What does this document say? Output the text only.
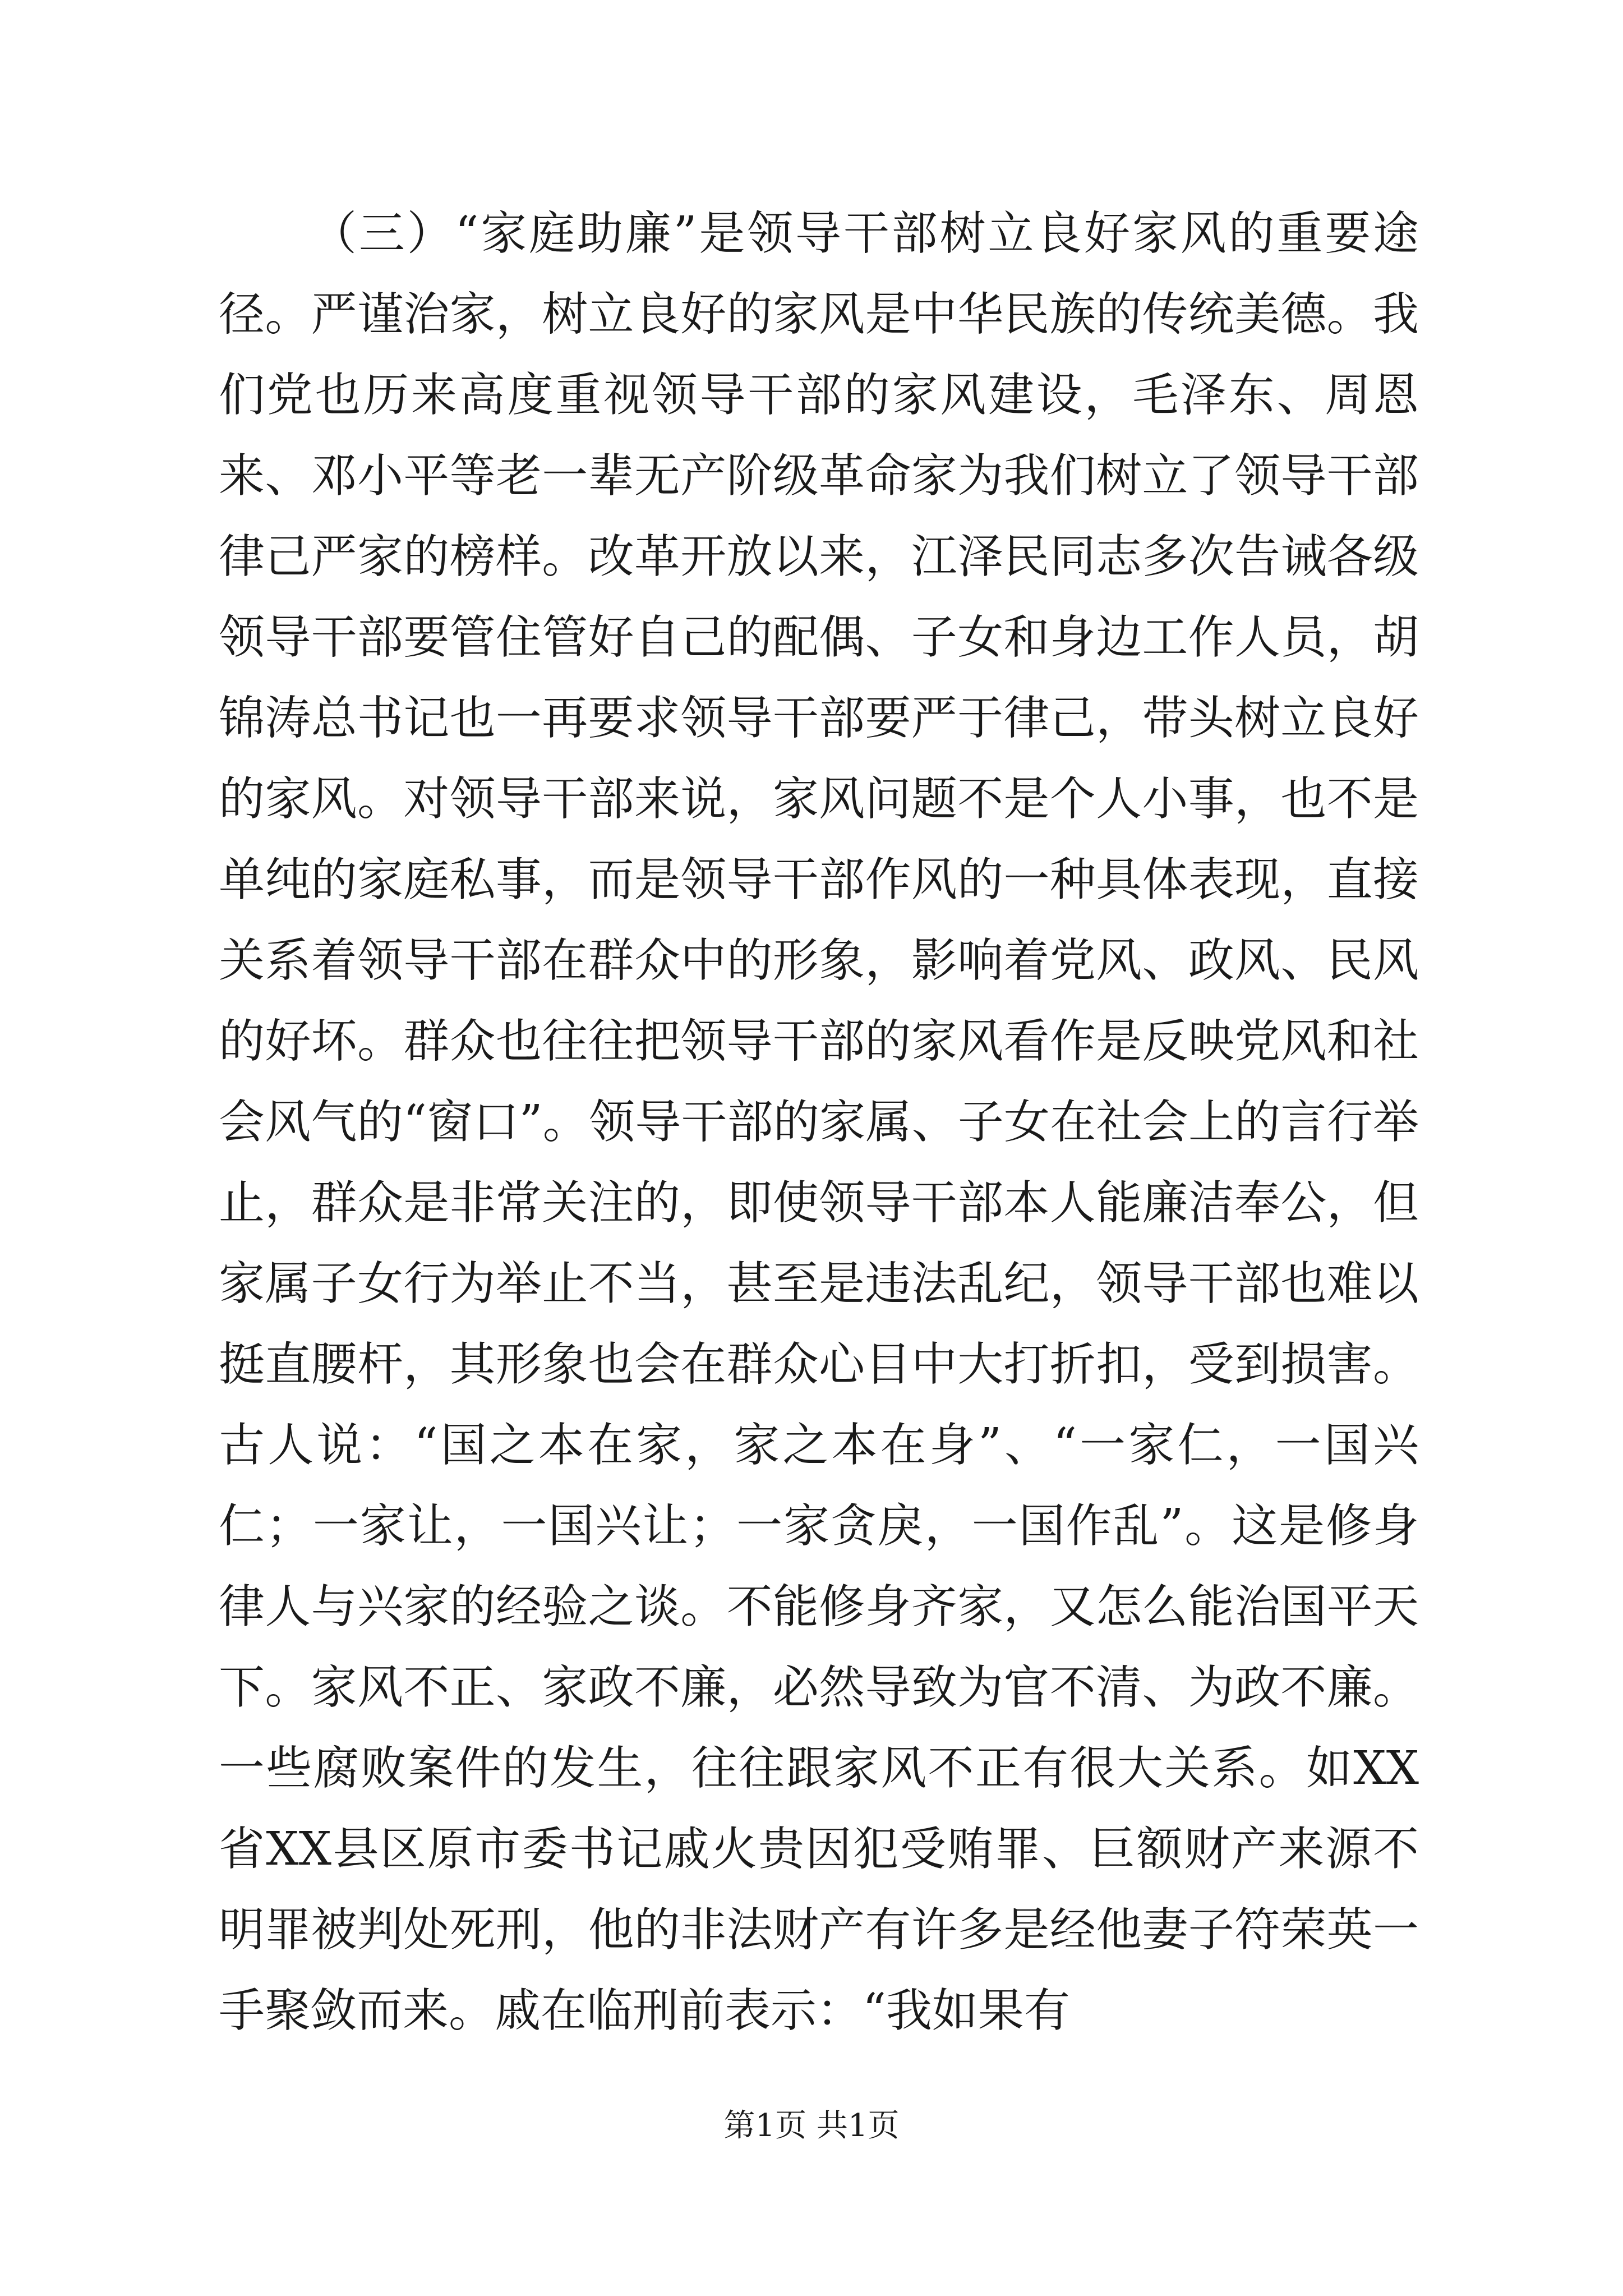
（三）“家庭助廉”是领导干部树立良好家风的重要途径。严谨治家，树立良好的家风是中华民族的传统美德。我们党也历来高度重视领导干部的家风建设，毛泽东、周恩来、邓小平等老一辈无产阶级革命家为我们树立了领导干部律己严家的榜样。改革开放以来，江泽民同志多次告诫各级领导干部要管住管好自己的配偶、子女和身边工作人员，胡锦涛总书记也一再要求领导干部要严于律己，带头树立良好的家风。对领导干部来说，家风问题不是个人小事，也不是单纯的家庭私事，而是领导干部作风的一种具体表现，直接关系着领导干部在群众中的形象，影响着党风、政风、民风的好坏。群众也往往把领导干部的家风看作是反映党风和社会风气的“窗口”。领导干部的家属、子女在社会上的言行举止，群众是非常关注的，即使领导干部本人能廉洁奉公，但家属子女行为举止不当，甚至是违法乱纪，领导干部也难以挺直腰杆，其形象也会在群众心目中大打折扣，受到损害。古人说：“国之本在家，家之本在身”、“一家仁，一国兴仁；一家让，一国兴让；一家贪戾，一国作乱”。这是修身律人与兴家的经验之谈。不能修身齐家，又怎么能治国平天下。家风不正、家政不廉，必然导致为官不清、为政不廉。一些腐败案件的发生，往往跟家风不正有很大关系。如XX省XX县区原市委书记戚火贵因犯受贿罪、巨额财产来源不明罪被判处死刑，他的非法财产有许多是经他妻子符荣英一手聚敛而来。戚在临刑前表示：“我如果有

第1页 共1页
